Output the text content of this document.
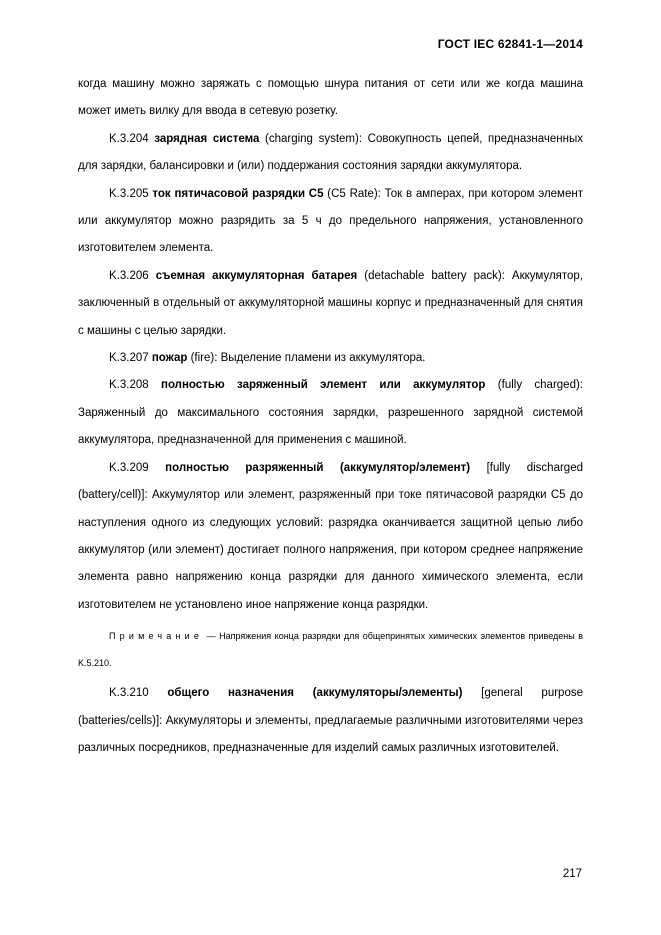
ГОСТ IEC 62841-1—2014

когда машину можно заряжать с помощью шнура питания от сети или же когда машина может иметь вилку для ввода в сетевую розетку.

K.3.204 зарядная система (charging system): Совокупность цепей, предназначенных для зарядки, балансировки и (или) поддержания состояния зарядки аккумулятора.

K.3.205 ток пятичасовой разрядки C5 (C5 Rate): Ток в амперах, при котором элемент или аккумулятор можно разрядить за 5 ч до предельного напряжения, установленного изготовителем элемента.

K.3.206 съемная аккумуляторная батарея (detachable battery pack): Аккумулятор, заключенный в отдельный от аккумуляторной машины корпус и предназначенный для снятия с машины с целью зарядки.

K.3.207 пожар (fire): Выделение пламени из аккумулятора.

K.3.208 полностью заряженный элемент или аккумулятор (fully charged): Заряженный до максимального состояния зарядки, разрешенного зарядной системой аккумулятора, предназначенной для применения с машиной.

K.3.209 полностью разряженный (аккумулятор/элемент) [fully discharged (battery/cell)]: Аккумулятор или элемент, разряженный при токе пятичасовой разрядки C5 до наступления одного из следующих условий: разрядка оканчивается защитной цепью либо аккумулятор (или элемент) достигает полного напряжения, при котором среднее напряжение элемента равно напряжению конца разрядки для данного химического элемента, если изготовителем не установлено иное напряжение конца разрядки.

Примечание — Напряжения конца разрядки для общепринятых химических элементов приведены в K.5.210.

K.3.210 общего назначения (аккумуляторы/элементы) [general purpose (batteries/cells)]: Аккумуляторы и элементы, предлагаемые различными изготовителями через различных посредников, предназначенные для изделий самых различных изготовителей.

217
